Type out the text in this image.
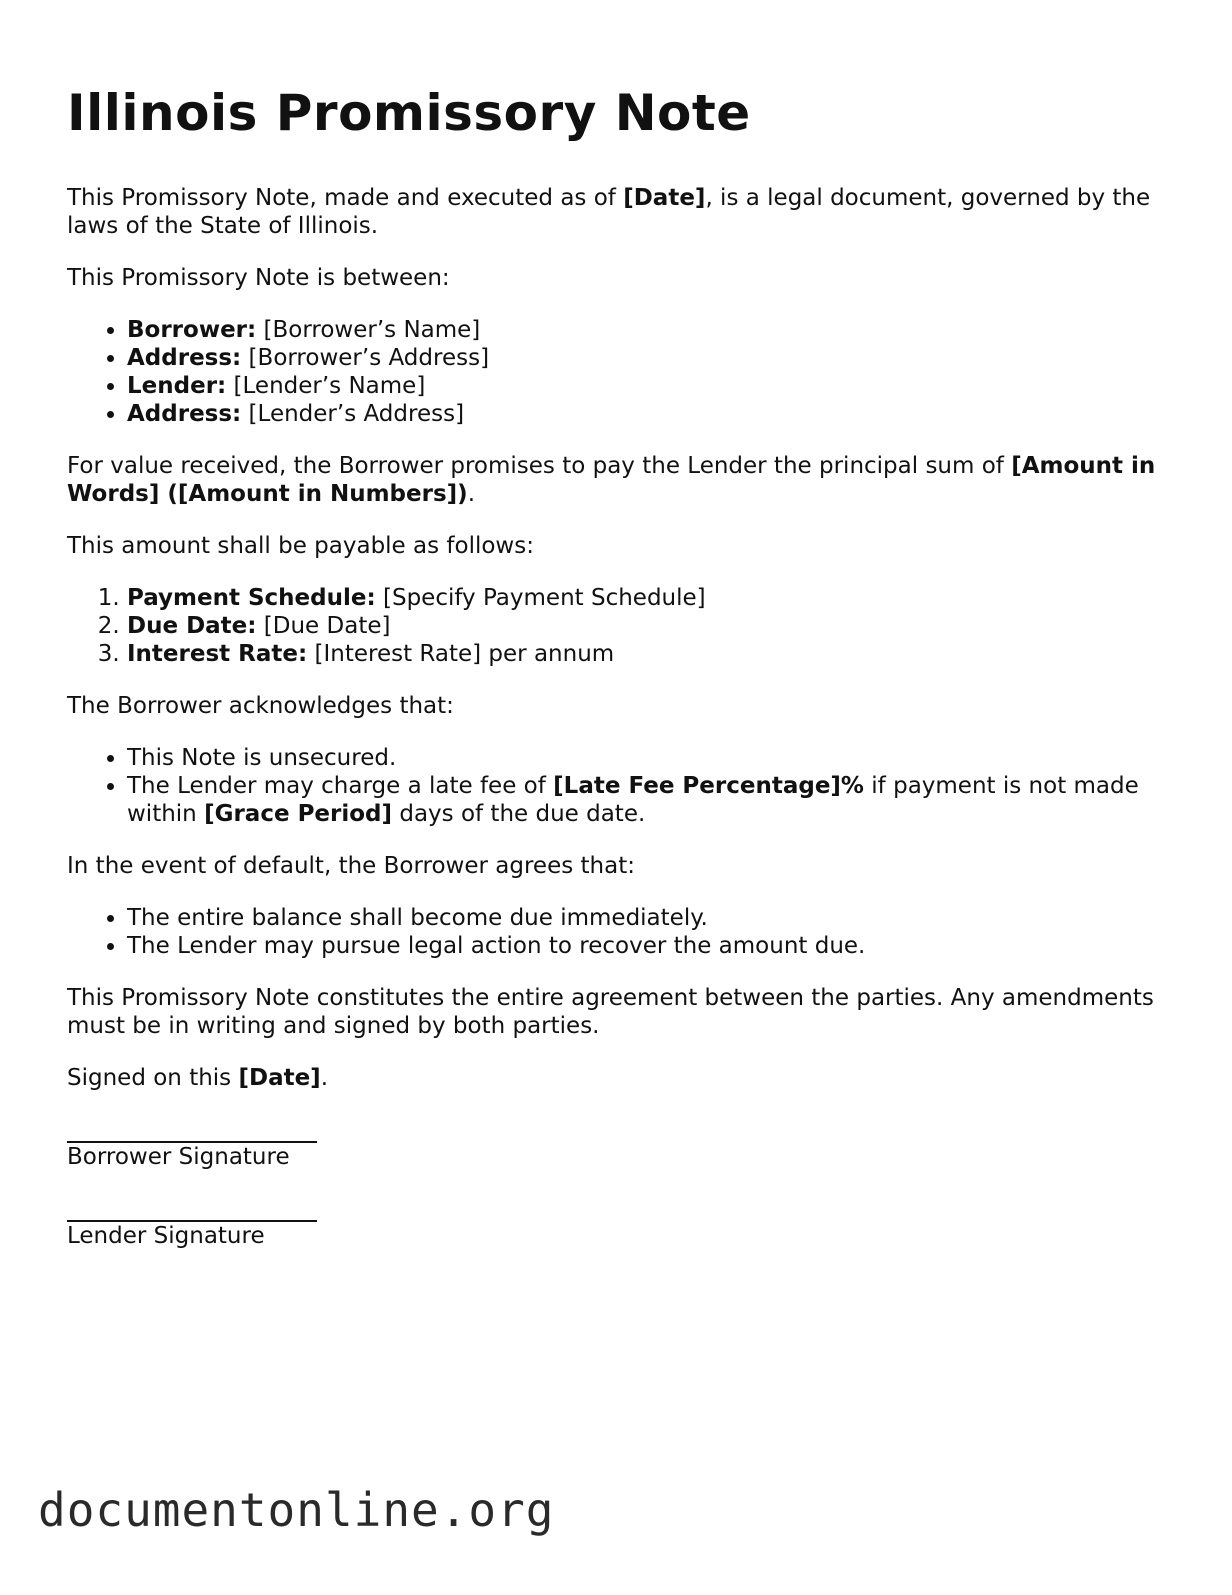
Illinois Promissory Note

This Promissory Note, made and executed as of [Date], is a legal document, governed by the laws of the State of Illinois.

This Promissory Note is between:

• Borrower: [Borrower’s Name]
• Address: [Borrower’s Address]
• Lender: [Lender’s Name]
• Address: [Lender’s Address]

For value received, the Borrower promises to pay the Lender the principal sum of [Amount in Words] ([Amount in Numbers]).

This amount shall be payable as follows:

1. Payment Schedule: [Specify Payment Schedule]
2. Due Date: [Due Date]
3. Interest Rate: [Interest Rate] per annum

The Borrower acknowledges that:

• This Note is unsecured.
• The Lender may charge a late fee of [Late Fee Percentage]% if payment is not made within [Grace Period] days of the due date.

In the event of default, the Borrower agrees that:

• The entire balance shall become due immediately.
• The Lender may pursue legal action to recover the amount due.

This Promissory Note constitutes the entire agreement between the parties. Any amendments must be in writing and signed by both parties.

Signed on this [Date].

Borrower Signature
Lender Signature
documentonline.org
